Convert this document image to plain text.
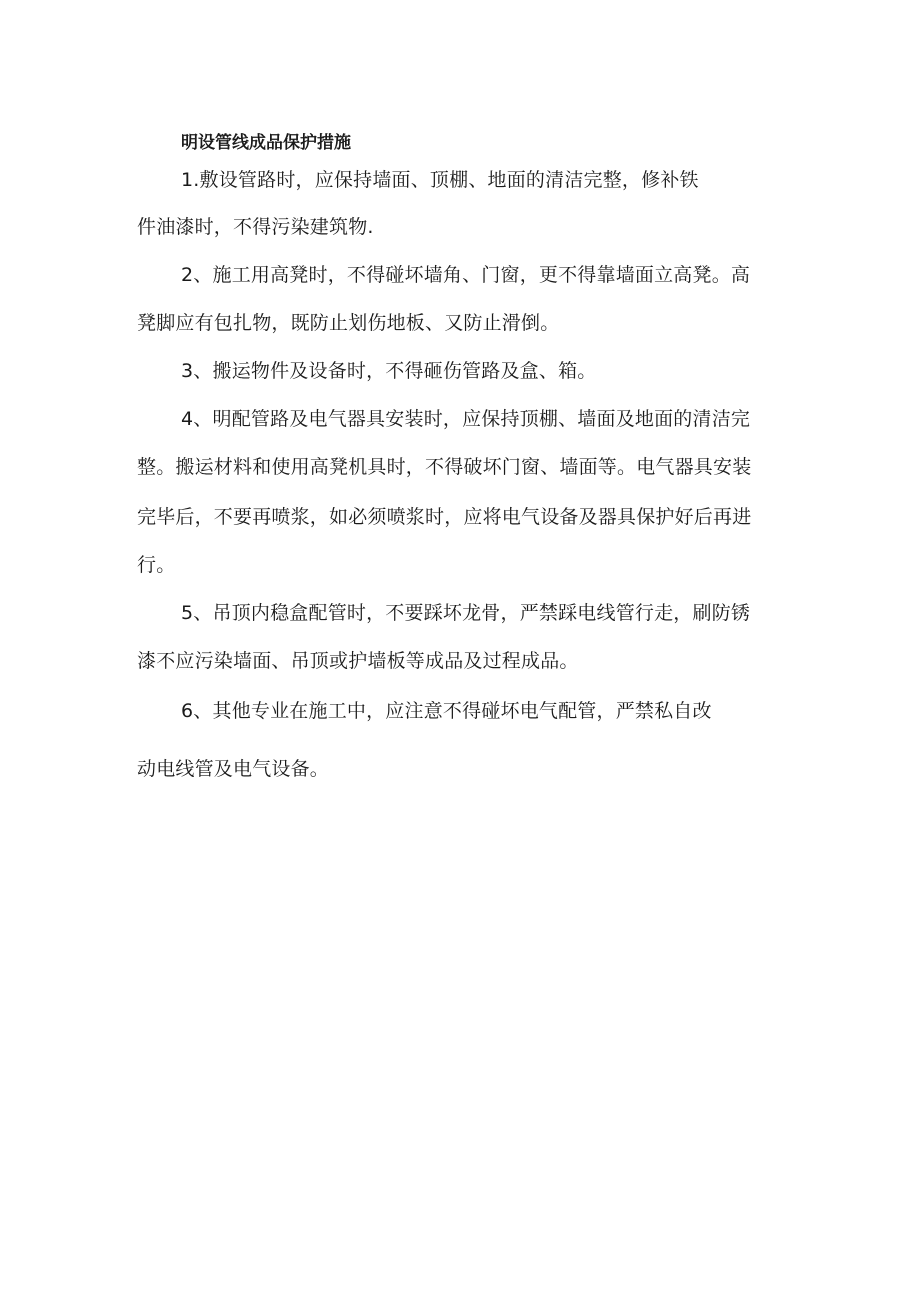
明设管线成品保护措施
1.敷设管路时，应保持墙面、顶棚、地面的清洁完整，修补铁
件油漆时，不得污染建筑物.
2、施工用高凳时，不得碰坏墙角、门窗，更不得靠墙面立高凳。高
凳脚应有包扎物，既防止划伤地板、又防止滑倒。
3、搬运物件及设备时，不得砸伤管路及盒、箱。
4、明配管路及电气器具安装时，应保持顶棚、墙面及地面的清洁完
整。搬运材料和使用高凳机具时，不得破坏门窗、墙面等。电气器具安装
完毕后，不要再喷浆，如必须喷浆时，应将电气设备及器具保护好后再进
行。
5、吊顶内稳盒配管时，不要踩坏龙骨，严禁踩电线管行走，刷防锈
漆不应污染墙面、吊顶或护墙板等成品及过程成品。
6、其他专业在施工中，应注意不得碰坏电气配管，严禁私自改
动电线管及电气设备。
